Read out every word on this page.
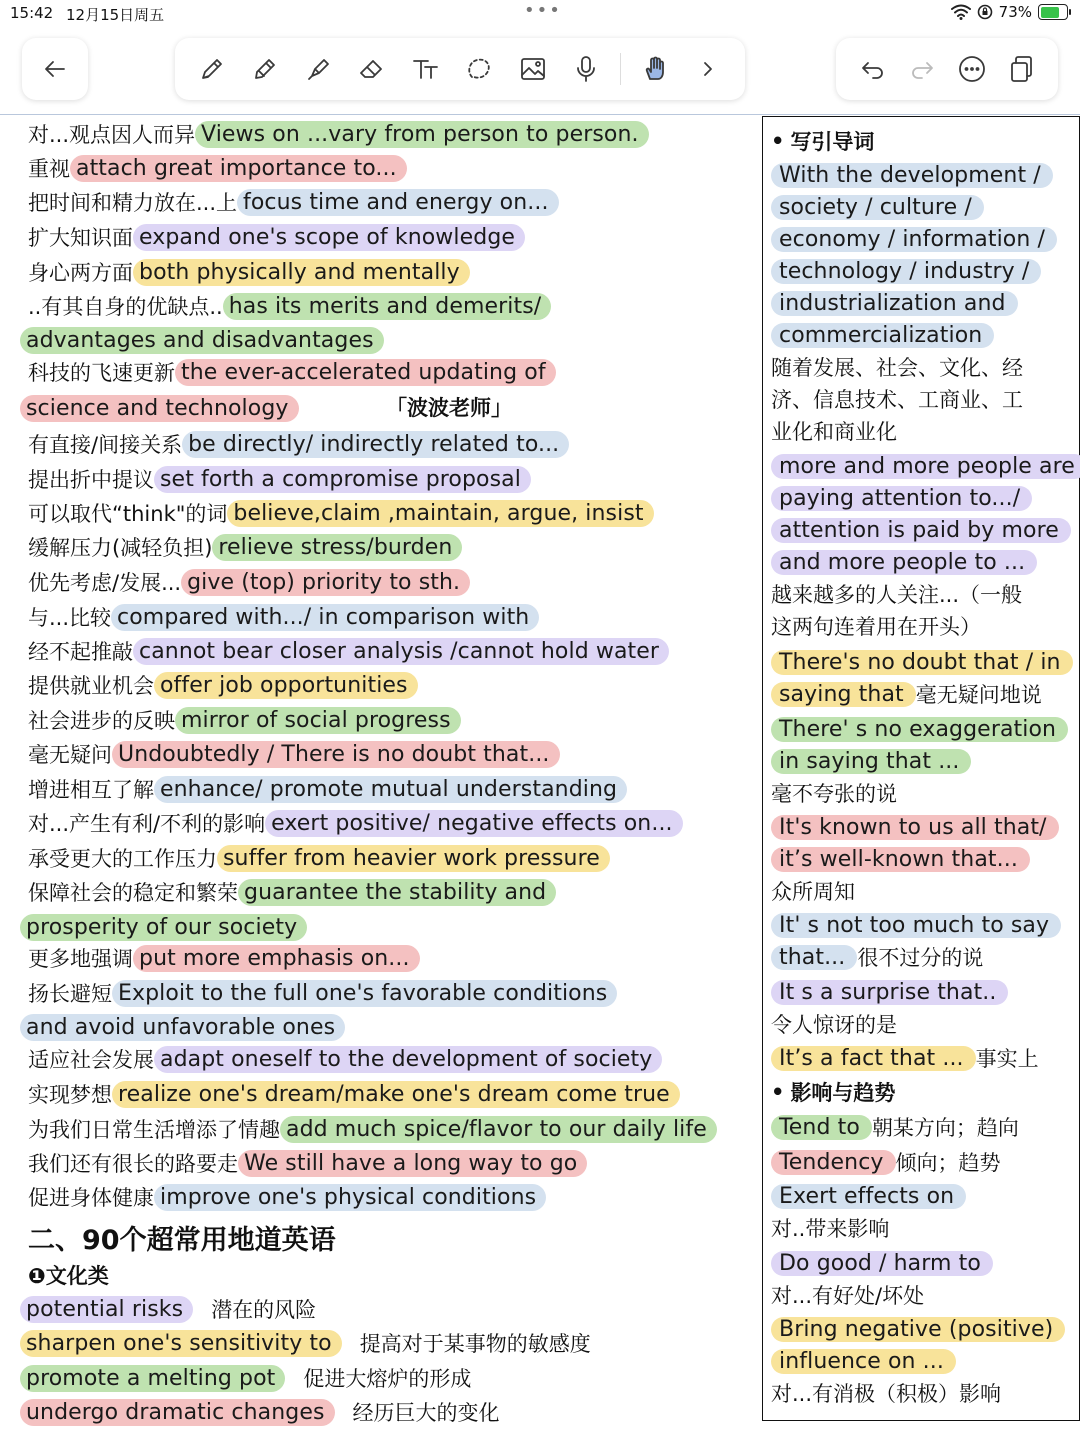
15:42 12月15日周五	•••	73%
对...观点因人而异 Views on ...vary from person to person.
重视 attach great importance to...
把时间和精力放在...上 focus time and energy on...
扩大知识面 expand one's scope of knowledge
身心两方面 both physically and mentally
..有其自身的优缺点.. has its merits and demerits/
advantages and disadvantages
科技的飞速更新 the ever-accelerated updating of
science and technology
有直接/间接关系 be directly/ indirectly related to...
提出折中提议 set forth a compromise proposal
可以取代“think"的词 believe,claim ,maintain, argue, insist
缓解压力(减轻负担) relieve stress/burden
优先考虑/发展... give (top) priority to sth.
与...比较 compared with.../ in comparison with
经不起推敲 cannot bear closer analysis /cannot hold water
提供就业机会 offer job opportunities
社会进步的反映 mirror of social progress
毫无疑问 Undoubtedly / There is no doubt that...
增进相互了解 enhance/ promote mutual understanding
对...产生有利/不利的影响 exert positive/ negative effects on...
承受更大的工作压力 suffer from heavier work pressure
保障社会的稳定和繁荣 guarantee the stability and
prosperity of our society
更多地强调 put more emphasis on...
扬长避短 Exploit to the full one's favorable conditions
and avoid unfavorable ones
适应社会发展 adapt oneself to the development of society
实现梦想 realize one's dream/make one's dream come true
为我们日常生活增添了情趣 add much spice/flavor to our daily life
我们还有很长的路要走 We still have a long way to go
促进身体健康 improve one's physical conditions
二、90个超常用地道英语
❶文化类
potential risks	潜在的风险
sharpen one's sensitivity to	提高对于某事物的敏感度
promote a melting pot	促进大熔炉的形成
undergo dramatic changes	经历巨大的变化
「波波老师」
• 写引导词
With the development /
society / culture /
economy / information /
technology / industry /
industrialization and
commercialization
随着发展、社会、文化、经
济、信息技术、工商业、工
业化和商业化
more and more people are
paying attention to.../
attention is paid by more
and more people to ...
越来越多的人关注...（一般
这两句连着用在开头）
There's no doubt that / in
saying that 毫无疑问地说
There' s no exaggeration
in saying that ...
毫不夸张的说
It's known to us all that/
it’s well-known that...
众所周知
It' s not too much to say
that... 很不过分的说
It s a surprise that..
令人惊讶的是
It’s a fact that ... 事实上
• 影响与趋势
Tend to 朝某方向；趋向
Tendency 倾向；趋势
Exert effects on
对..带来影响
Do good / harm to
对...有好处/坏处
Bring negative (positive)
influence on ...
对...有消极（积极）影响
